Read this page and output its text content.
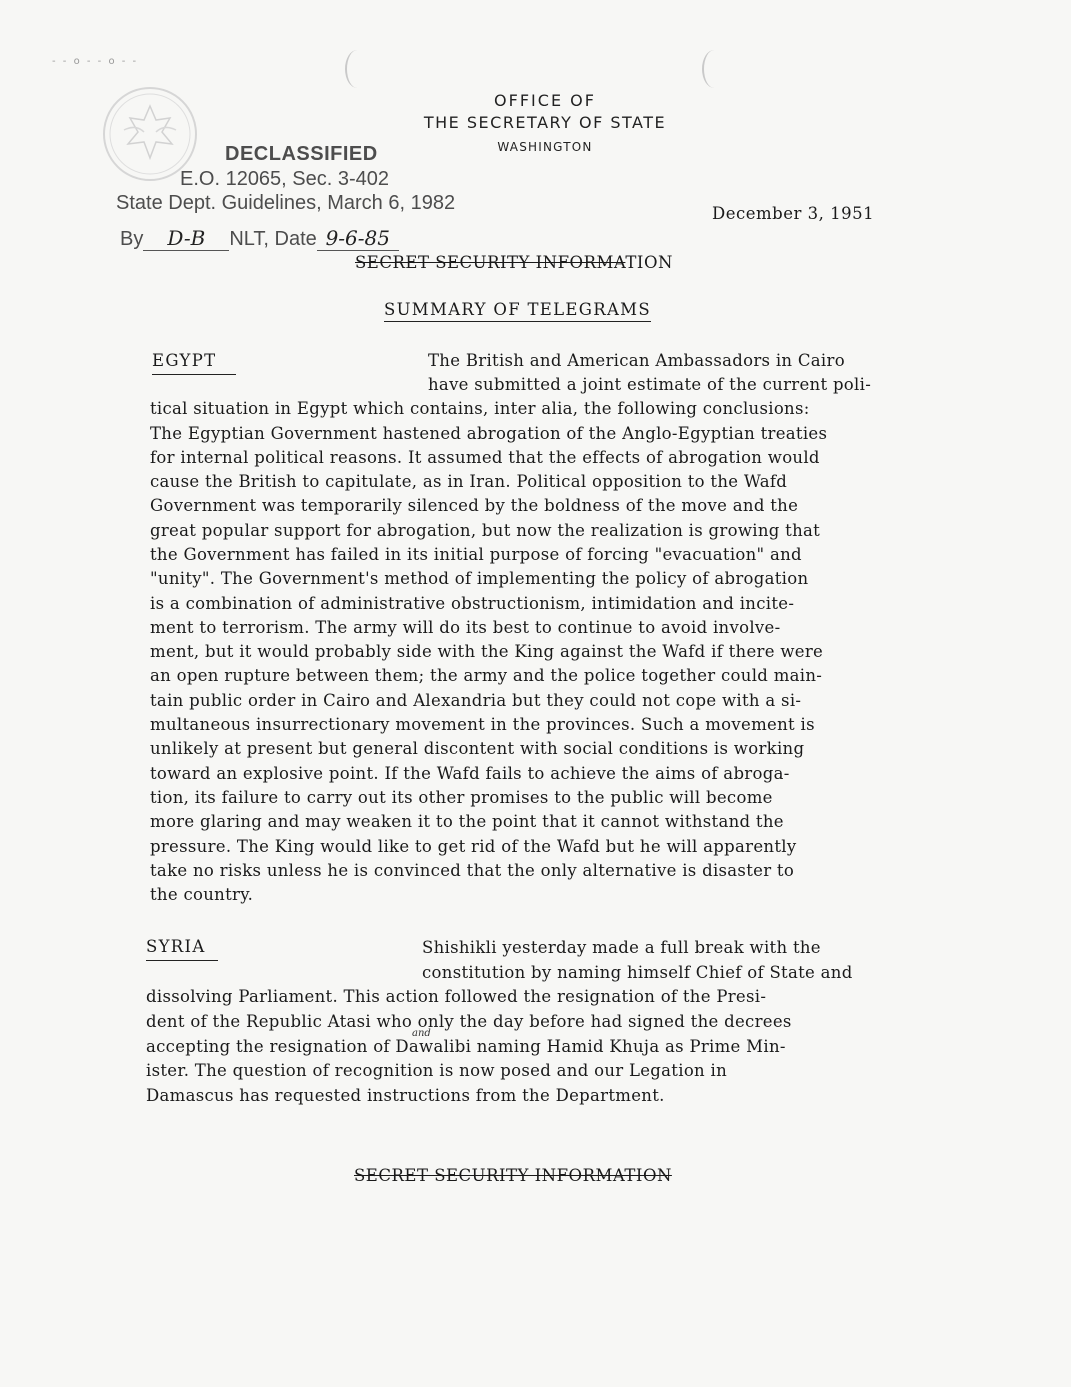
- - o - - o - -
OFFICE OF
THE SECRETARY OF STATE
WASHINGTON
DECLASSIFIED
E.O. 12065, Sec. 3-402
State Dept. Guidelines, March 6, 1982
By D-B NLT, Date 9-6-85
December 3, 1951
SECRET SECURITY INFORMATION
SUMMARY OF TELEGRAMS
EGYPT	The British and American Ambassadors in Cairo
have submitted a joint estimate of the current poli-
tical situation in Egypt which contains, inter alia, the following conclusions:
The Egyptian Government hastened abrogation of the Anglo-Egyptian treaties
for internal political reasons. It assumed that the effects of abrogation would
cause the British to capitulate, as in Iran. Political opposition to the Wafd
Government was temporarily silenced by the boldness of the move and the
great popular support for abrogation, but now the realization is growing that
the Government has failed in its initial purpose of forcing "evacuation" and
"unity". The Government's method of implementing the policy of abrogation
is a combination of administrative obstructionism, intimidation and incite-
ment to terrorism. The army will do its best to continue to avoid involve-
ment, but it would probably side with the King against the Wafd if there were
an open rupture between them; the army and the police together could main-
tain public order in Cairo and Alexandria but they could not cope with a si-
multaneous insurrectionary movement in the provinces. Such a movement is
unlikely at present but general discontent with social conditions is working
toward an explosive point. If the Wafd fails to achieve the aims of abroga-
tion, its failure to carry out its other promises to the public will become
more glaring and may weaken it to the point that it cannot withstand the
pressure. The King would like to get rid of the Wafd but he will apparently
take no risks unless he is convinced that the only alternative is disaster to
the country.
SYRIA	Shishikli yesterday made a full break with the
constitution by naming himself Chief of State and
dissolving Parliament. This action followed the resignation of the Presi-
dent of the Republic Atasi who only the day before had signed the decrees
accepting the resignation of Dawalibi naming Hamid Khuja as Prime Min-
ister. The question of recognition is now posed and our Legation in
Damascus has requested instructions from the Department.
and
SECRET SECURITY INFORMATION
